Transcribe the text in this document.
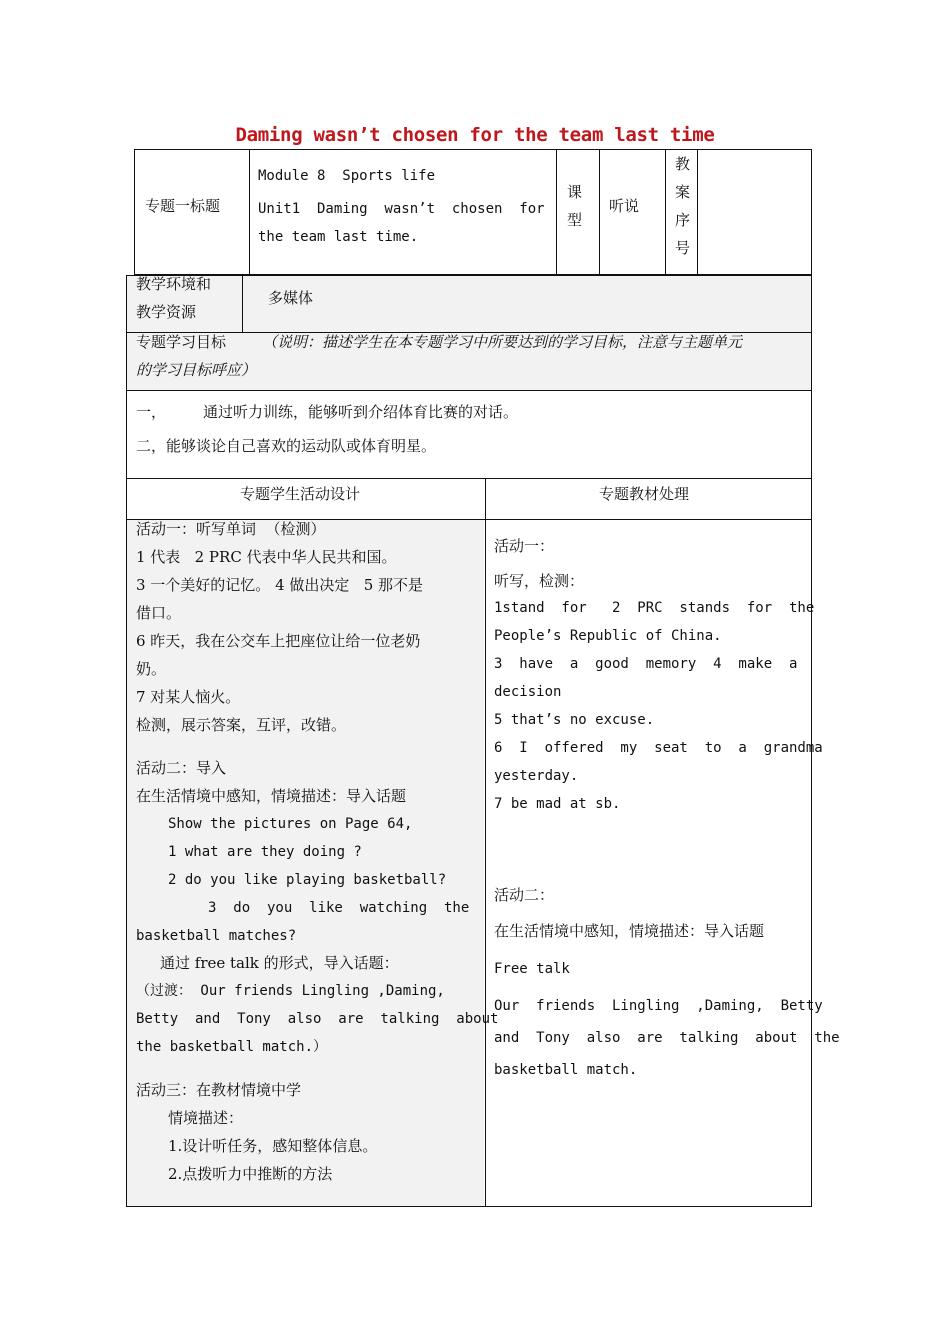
Daming wasn’t chosen for the team last time
专题一标题
Module 8  Sports life
Unit1  Daming  wasn’t  chosen  for
the team last time.
课
型
听说
教
案
序
号
教学环境和
教学资源
多媒体
专题学习目标 （说明：描述学生在本专题学习中所要达到的学习目标，注意与主题单元
的学习目标呼应）
一， 通过听力训练，能够听到介绍体育比赛的对话。
二，能够谈论自己喜欢的运动队或体育明星。
专题学生活动设计	专题教材处理
活动一：听写单词  （检测）
1 代表   2 PRC 代表中华人民共和国。
3 一个美好的记忆。 4 做出决定   5 那不是
借口。
6 昨天，我在公交车上把座位让给一位老奶
奶。
7 对某人恼火。
检测，展示答案，互评，改错。
活动二：导入
在生活情境中感知，情境描述：导入话题
Show the pictures on Page 64,
1 what are they doing ?
2 do you like playing basketball?
3  do  you  like  watching  the
basketball matches?
通过 free talk 的形式，导入话题：
（过渡： Our friends Lingling ,Daming,
Betty  and  Tony  also  are  talking  about
the basketball match.）
活动三：在教材情境中学
情境描述：
1.设计听任务，感知整体信息。
2.点拨听力中推断的方法
活动一：
听写，检测：
1stand  for   2  PRC  stands  for  the
People’s Republic of China.
3  have  a  good  memory  4  make  a
decision
5 that’s no excuse.
6  I  offered  my  seat  to  a  grandma
yesterday.
7 be mad at sb.
活动二：
在生活情境中感知，情境描述：导入话题
Free talk
Our  friends  Lingling  ,Daming,  Betty
and  Tony  also  are  talking  about  the
basketball match.
